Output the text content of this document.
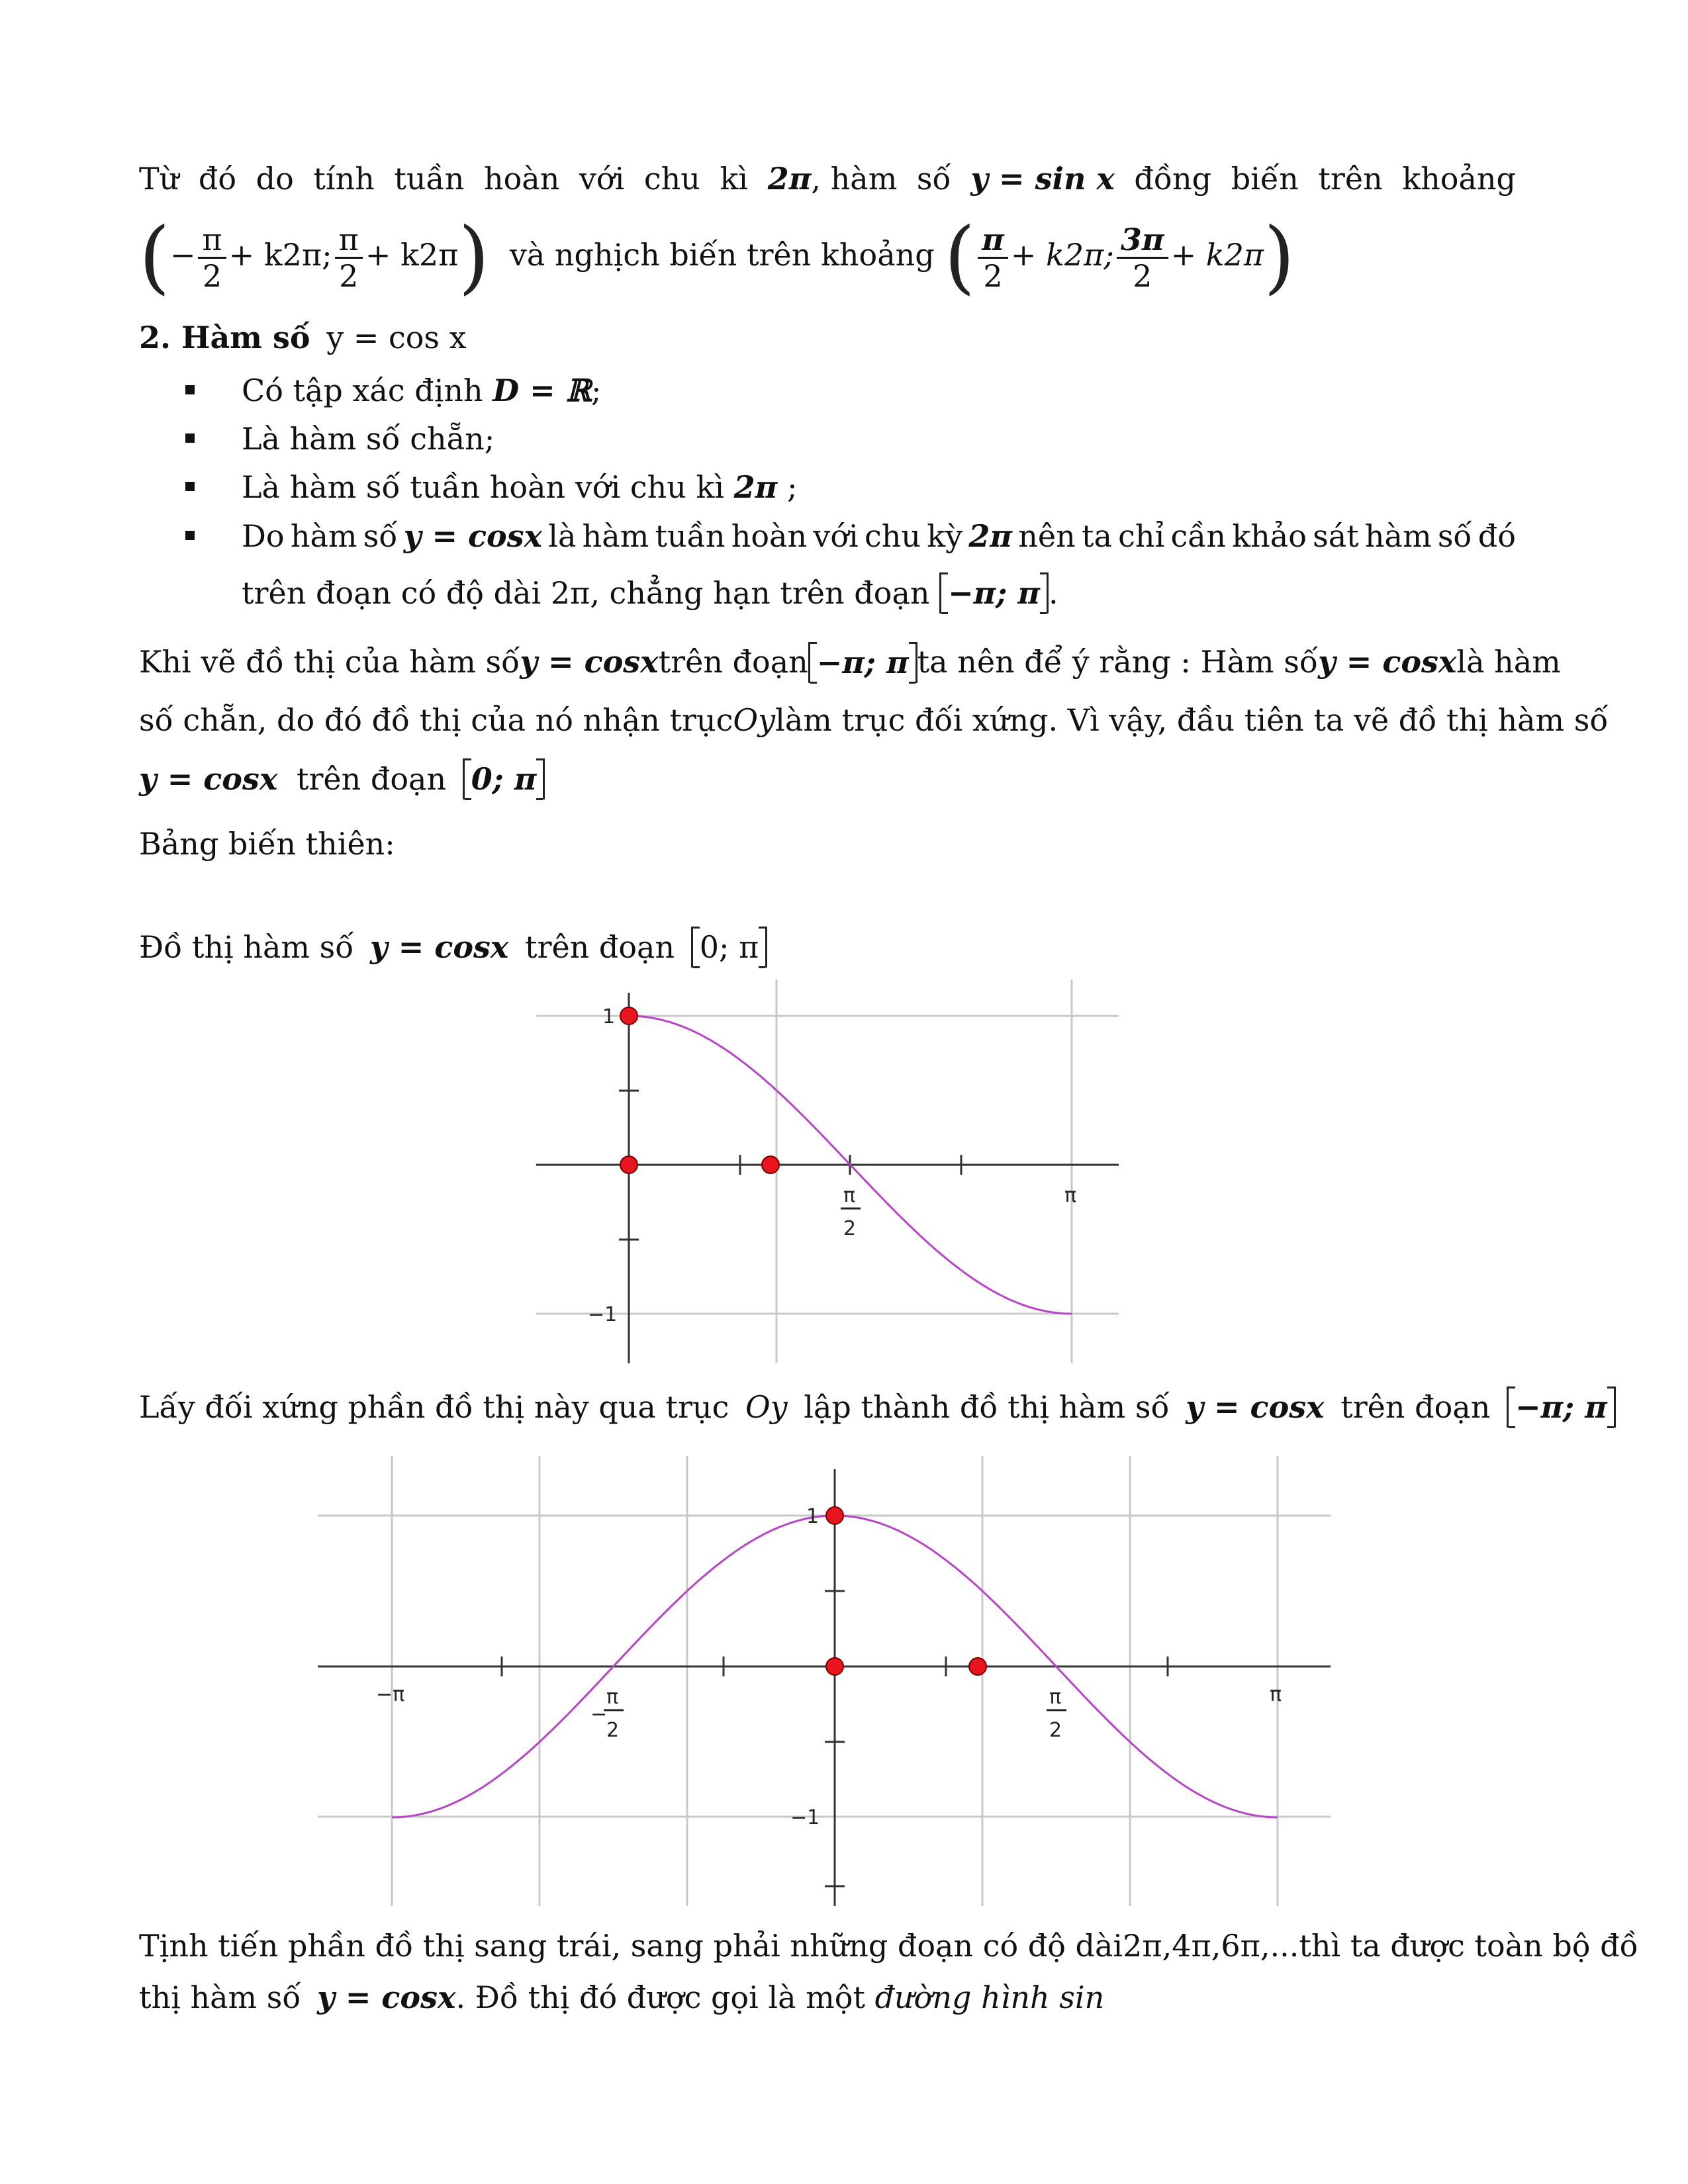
Từ đó do tính tuần hoàn với chu kì 2π, hàm số y = sin x đồng biến trên khoảng
(− $\frac{\pi}{2} + k2\pi$; $\frac{\pi}{2} + k2\pi$) và nghịch biến trên khoảng ( $\frac{\pi}{2} + k2\pi$; $\frac{3\pi}{2} + k2\pi$)
2. Hàm số y = cos x
Có tập xác định D = ℝ;
Là hàm số chẵn;
Là hàm số tuần hoàn với chu kì 2π ;
Do hàm số y = cosx là hàm tuần hoàn với chu kỳ 2π nên ta chỉ cần khảo sát hàm số đó
trên đoạn có độ dài 2π, chẳng hạn trên đoạn −π; π .
Khi vẽ đồ thị của hàm số y = cosx trên đoạn −π; π ta nên để ý rằng : Hàm số y = cosx là hàm
số chẵn, do đó đồ thị của nó nhận trục Oy làm trục đối xứng. Vì vậy, đầu tiên ta vẽ đồ thị hàm số
y = cosx trên đoạn 0; π
Bảng biến thiên:
Đồ thị hàm số y = cosx trên đoạn 0; π
1
−1
π
2
π
Lấy đối xứng phần đồ thị này qua trục Oy lập thành đồ thị hàm số y = cosx trên đoạn −π; π
1
−1
−π
−
π
2
π
2
π
Tịnh tiến phần đồ thị sang trái, sang phải những đoạn có độ dài 2π,4π,6π,... thì ta được toàn bộ đồ
thị hàm số y = cosx. Đồ thị đó được gọi là một đường hình sin
